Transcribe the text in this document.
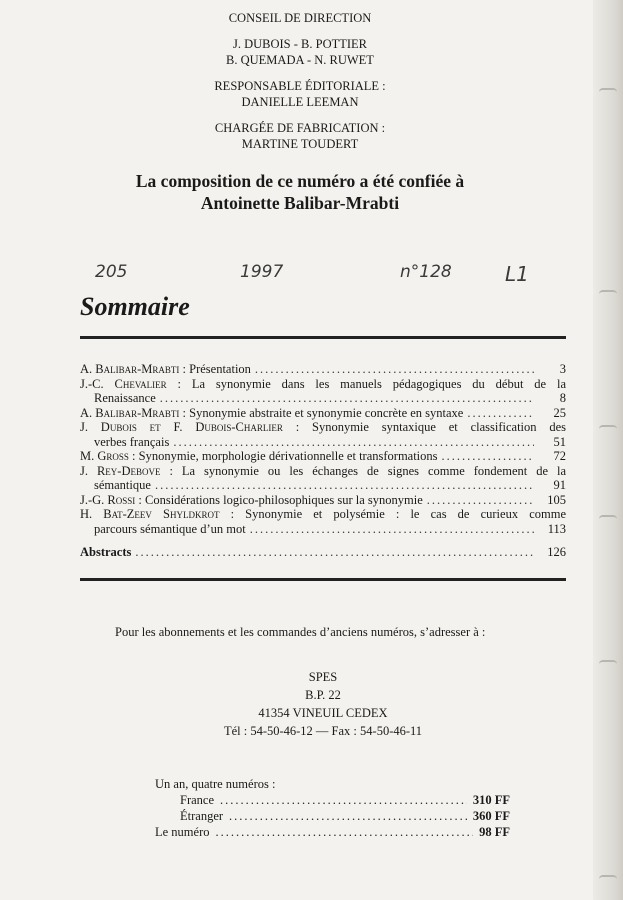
CONSEIL DE DIRECTION
J. DUBOIS - B. POTTIER
B. QUEMADA - N. RUWET
RESPONSABLE ÉDITORIALE :
DANIELLE LEEMAN
CHARGÉE DE FABRICATION :
MARTINE TOUDERT
La composition de ce numéro a été confiée à
Antoinette Balibar-Mrabti
205	1997	n°128	L1
Sommaire
A. Balibar-Mrabti : Présentation .....	3
J.-C. Chevalier : La synonymie dans les manuels pédagogiques du début de la
Renaissance .....	8
A. Balibar-Mrabti : Synonymie abstraite et synonymie concrète en syntaxe .....	25
J. Dubois et F. Dubois-Charlier : Synonymie syntaxique et classification des
verbes français .....	51
M. Gross : Synonymie, morphologie dérivationnelle et transformations .....	72
J. Rey-Debove : La synonymie ou les échanges de signes comme fondement de la
sémantique .....	91
J.-G. Rossi : Considérations logico-philosophiques sur la synonymie .....	105
H. Bat-Zeev Shyldkrot : Synonymie et polysémie : le cas de curieux comme
parcours sémantique d’un mot .....	113
Abstracts .....	126
Pour les abonnements et les commandes d’anciens numéros, s’adresser à :
SPES
B.P. 22
41354 VINEUIL CEDEX
Tél : 54-50-46-12 — Fax : 54-50-46-11
Un an, quatre numéros :
France .....	310 FF
Étranger .....	360 FF
Le numéro .....	98 FF
